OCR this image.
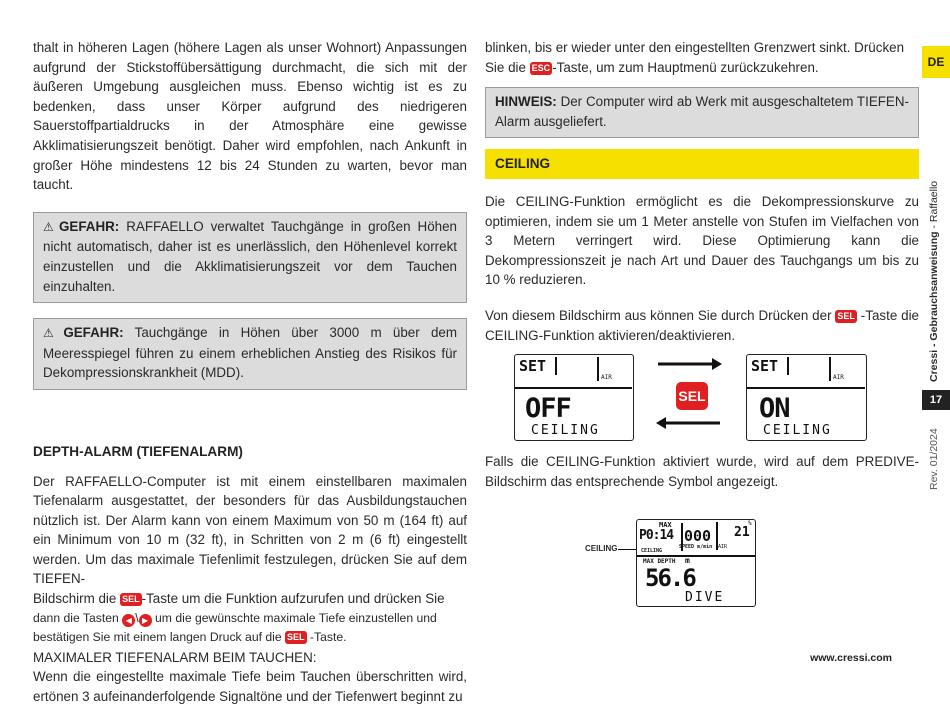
thalt in höheren Lagen (höhere Lagen als unser Wohnort) Anpassungen aufgrund der Stickstoffübersättigung durchmacht, die sich mit der äußeren Umgebung ausgleichen muss. Ebenso wichtig ist es zu bedenken, dass unser Körper aufgrund des niedrigeren Sauerstoffpartialdrucks in der Atmosphäre eine gewisse Akklimatisierungszeit benötigt. Daher wird empfohlen, nach Ankunft in großer Höhe mindestens 12 bis 24 Stunden zu warten, bevor man taucht.

⚠ GEFAHR: RAFFAELLO verwaltet Tauchgänge in großen Höhen nicht automatisch, daher ist es unerlässlich, den Höhenlevel korrekt einzustellen und die Akklimatisierungszeit vor dem Tauchen einzuhalten.
⚠ GEFAHR: Tauchgänge in Höhen über 3000 m über dem Meeresspiegel führen zu einem erheblichen Anstieg des Risikos für Dekompressionskrankheit (MDD).
DEPTH-ALARM (TIEFENALARM)

Der RAFFAELLO-Computer ist mit einem einstellbaren maximalen Tiefenalarm ausgestattet, der besonders für das Ausbildungstauchen nützlich ist. Der Alarm kann von einem Maximum von 50 m (164 ft) auf ein Minimum von 10 m (32 ft), in Schritten von 2 m (6 ft) eingestellt werden. Um das maximale Tiefenlimit festzulegen, drücken Sie auf dem TIEFEN-

Bildschirm die SEL -Taste um die Funktion aufzurufen und drücken Sie

dann die Tasten ◀ \ ▶ um die gewünschte maximale Tiefe einzustellen und

bestätigen Sie mit einem langen Druck auf die SEL -Taste.

MAXIMALER TIEFENALARM BEIM TAUCHEN:

Wenn die eingestellte maximale Tiefe beim Tauchen überschritten wird, ertönen 3 aufeinanderfolgende Signaltöne und der Tiefenwert beginnt zu

blinken, bis er wieder unter den eingestellten Grenzwert sinkt. Drücken

Sie die ESC -Taste, um zum Hauptmenü zurückzukehren.

HINWEIS: Der Computer wird ab Werk mit ausgeschaltetem TIEFEN-Alarm ausgeliefert.
CEILING

Die CEILING-Funktion ermöglicht es die Dekompressionskurve zu optimieren, indem sie um 1 Meter anstelle von Stufen im Vielfachen von 3 Metern verringert wird. Diese Optimierung kann die Dekompressionszeit je nach Art und Dauer des Tauchgangs um bis zu 10 % reduzieren.

Von diesem Bildschirm aus können Sie durch Drücken der SEL -Taste die CEILING-Funktion aktivieren/deaktivieren.

SET
AIR
OFF
CEILING
SEL
SET
AIR
ON
CEILING

Falls die CEILING-Funktion aktiviert wurde, wird auf dem PREDIVE-Bildschirm das entsprechende Symbol angezeigt.

CEILING
MAX
P0:14 000 21
%
SPEED m/min AIR
CEILING
MAX DEPTH m
56.6
DIVE
DE
Cressi - Gebrauchsanweisung - Raffaello
17
Rev. 01/2024
www.cressi.com
